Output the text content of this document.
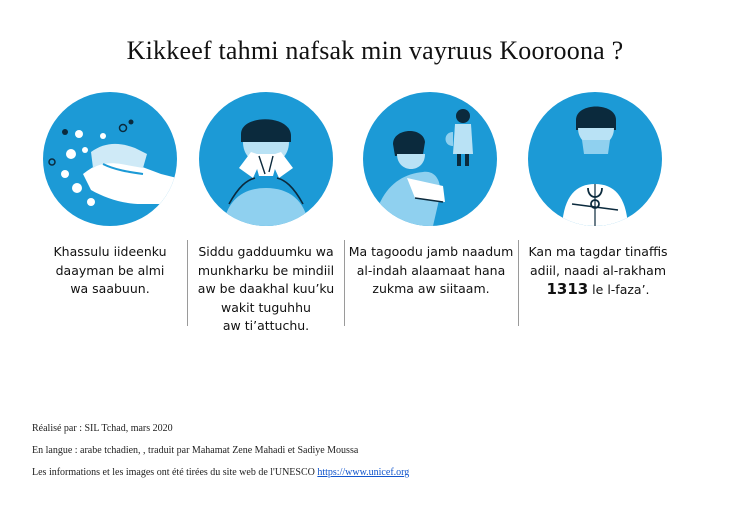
Kikkeef tahmi nafsak min vayruus Kooroona ?
Khassulu iideenku
daayman be almi
wa saabuun.
Siddu gadduumku wa
munkharku be mindiil
aw be daakhal kuu’ku
wakit tuguhhu
aw ti’attuchu.
Ma tagoodu jamb naadum
al-indah alaamaat hana
zukma aw siitaam.
Kan ma tagdar tinaffis
adiil, naadi al-rakham
1313 le l-faza’.
Réalisé par : SIL Tchad, mars 2020
En langue : arabe tchadien, , traduit par Mahamat Zene Mahadi et Sadiye Moussa
Les informations et les images ont été tirées du site web de l'UNESCO https://www.unicef.org
